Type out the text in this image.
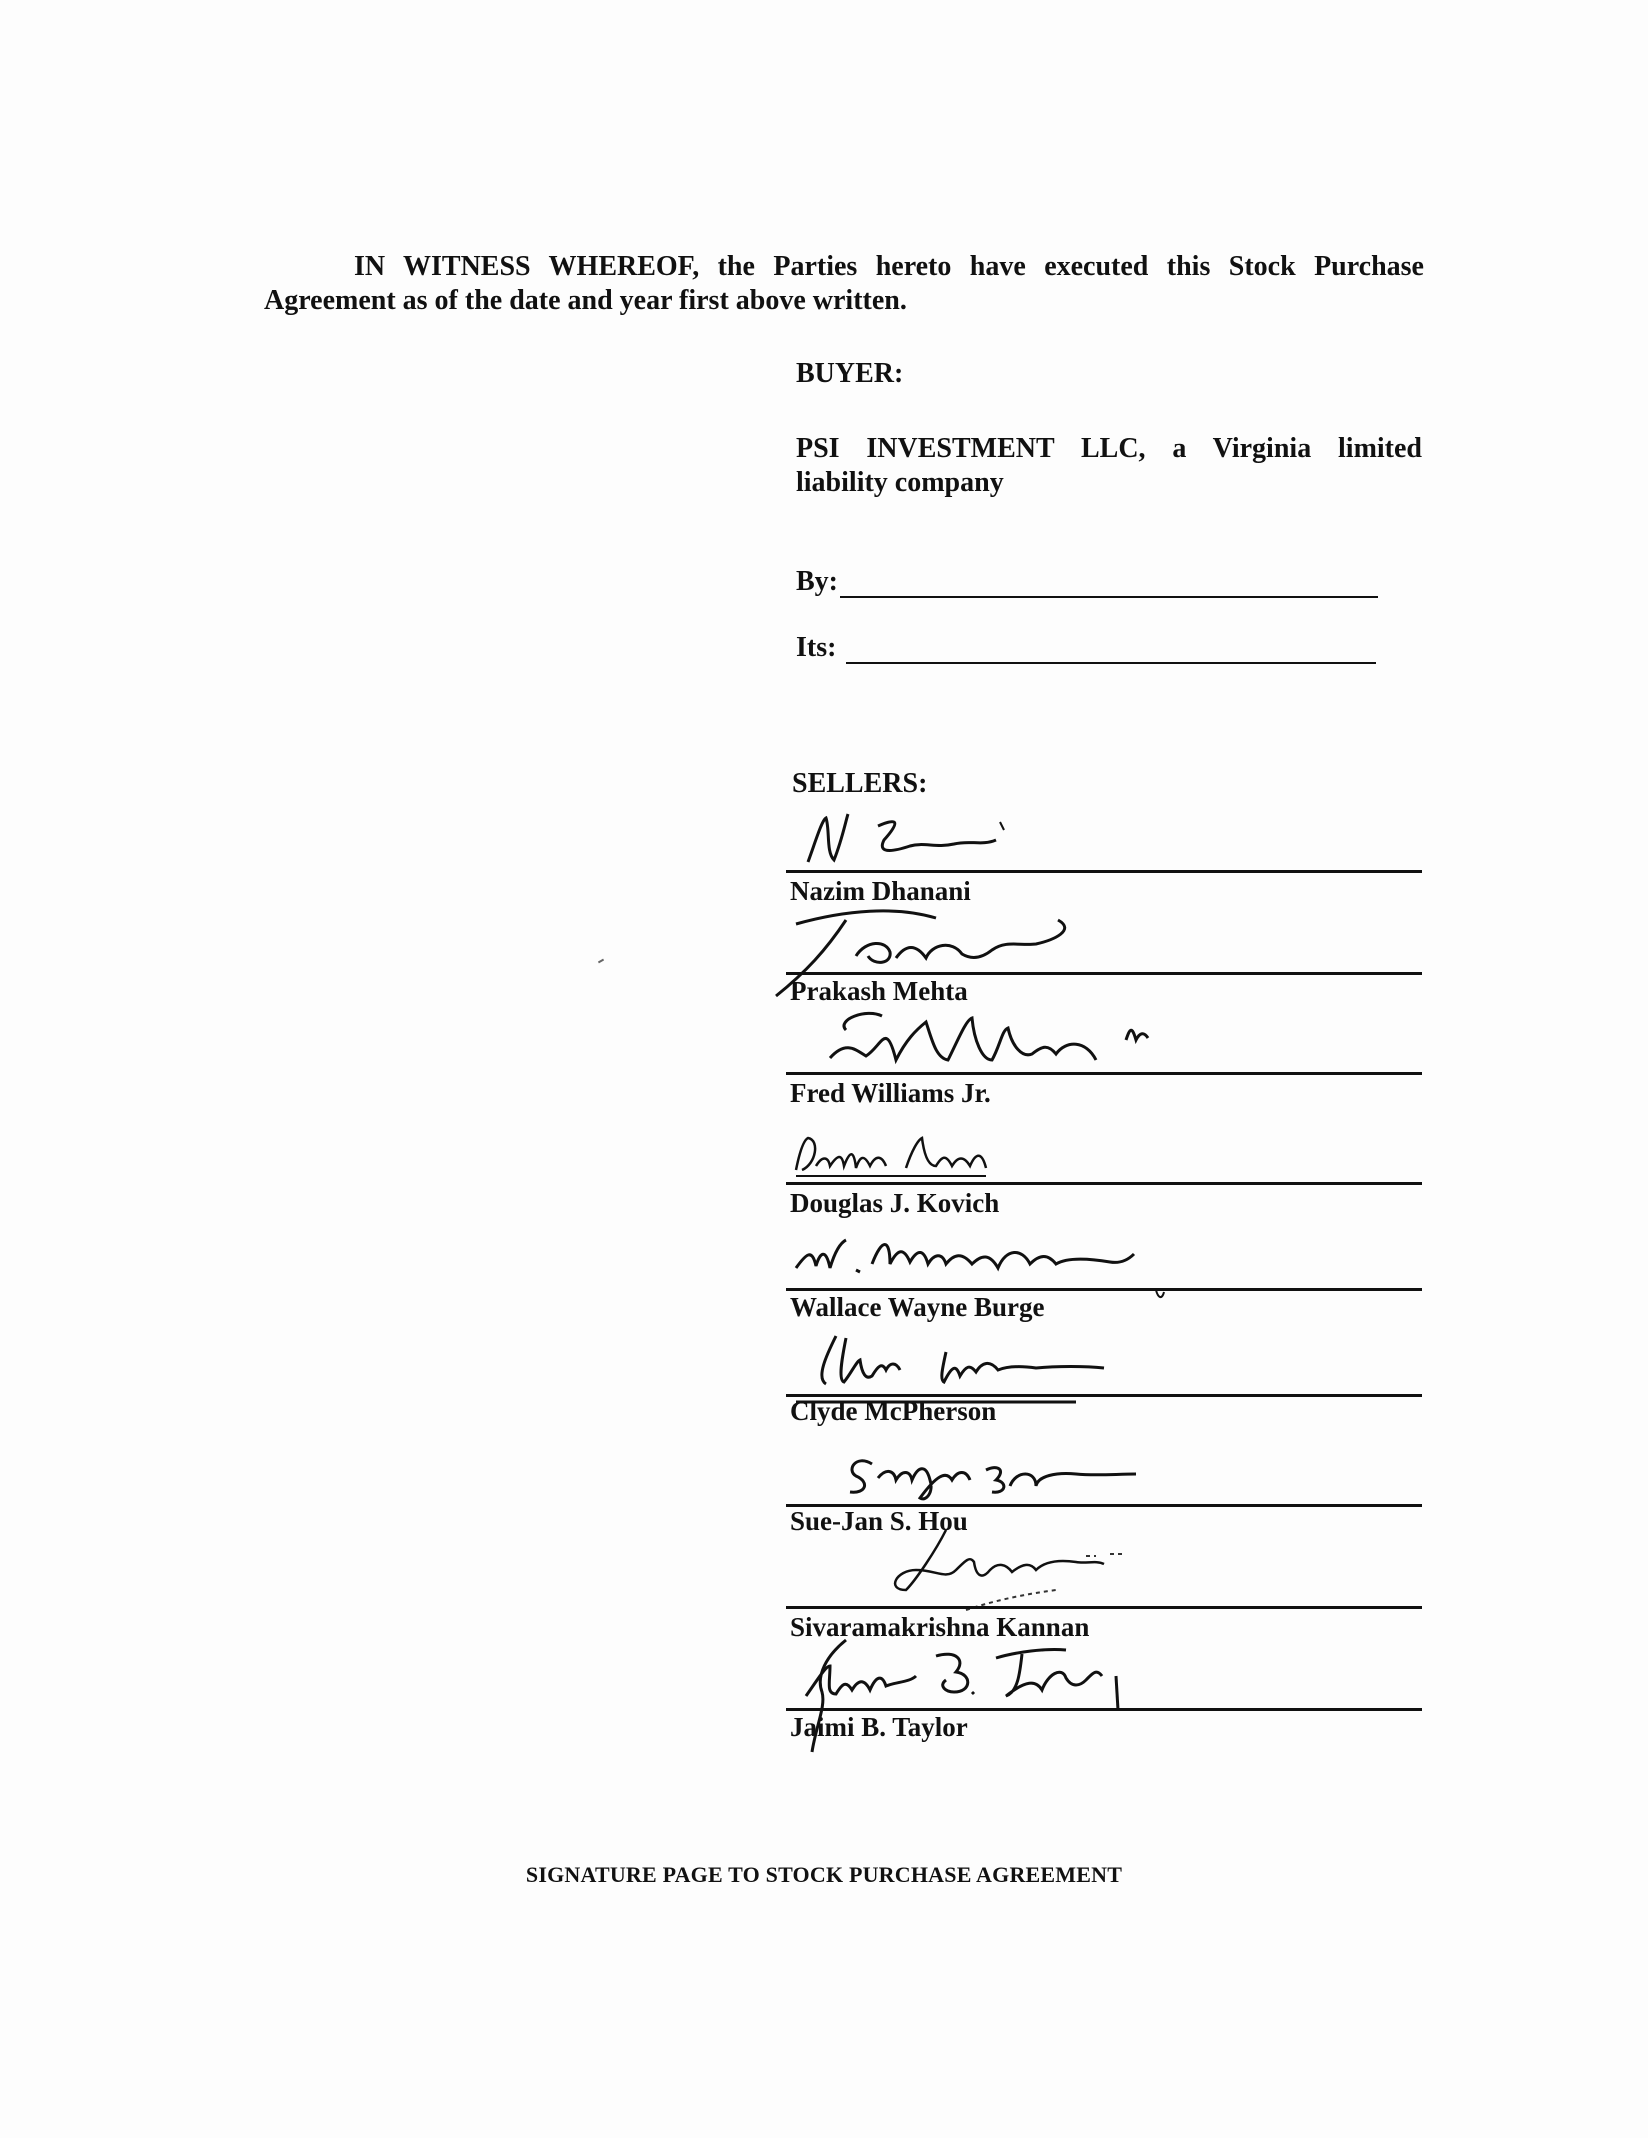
IN WITNESS WHEREOF, the Parties hereto have executed this Stock Purchase Agreement as of the date and year first above written.

BUYER:
PSI INVESTMENT LLC, a Virginia limited
liability company
By:
Its:
SELLERS:
Nazim Dhanani
Prakash Mehta
Fred Williams Jr.
Douglas J. Kovich
Wallace Wayne Burge
Clyde McPherson
Sue-Jan S. Hou
Sivaramakrishna Kannan
Jaimi B. Taylor
SIGNATURE PAGE TO STOCK PURCHASE AGREEMENT
